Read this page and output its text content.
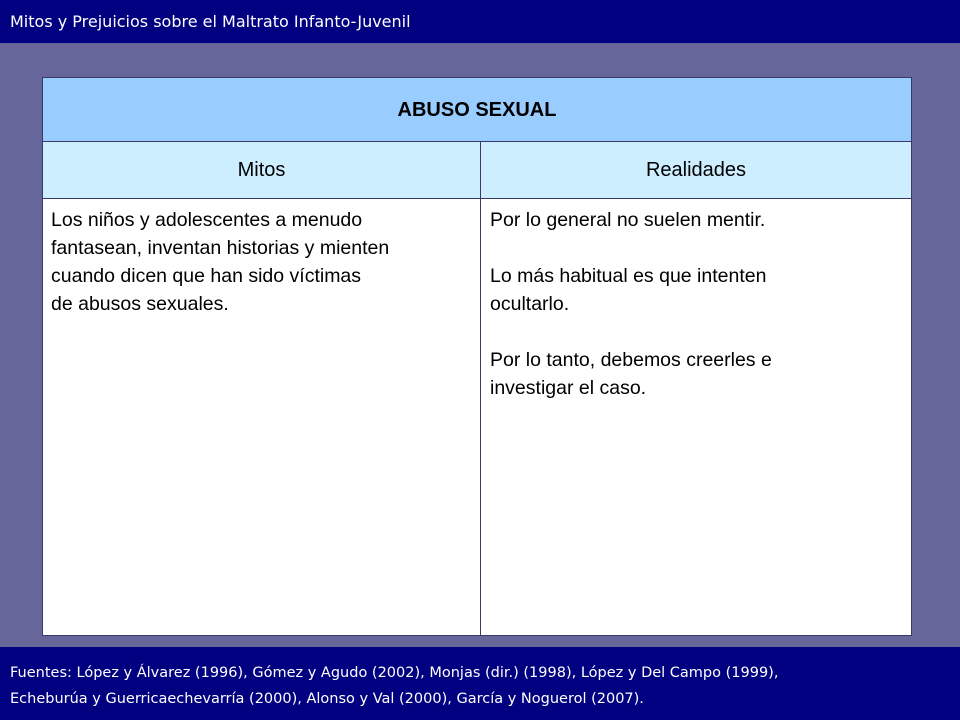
Mitos y Prejuicios sobre el Maltrato Infanto-Juvenil
ABUSO SEXUAL
Mitos	Realidades

Los niños y adolescentes a menudo
fantasean, inventan historias y mienten
cuando dicen que han sido víctimas
de abusos sexuales.

Por lo general no suelen mentir.

Lo más habitual es que intenten
ocultarlo.

Por lo tanto, debemos creerles e
investigar el caso.

Fuentes: López y Álvarez (1996), Gómez y Agudo (2002), Monjas (dir.) (1998), López y Del Campo (1999),
Echeburúa y Guerricaechevarría (2000), Alonso y Val (2000), García y Noguerol (2007).
